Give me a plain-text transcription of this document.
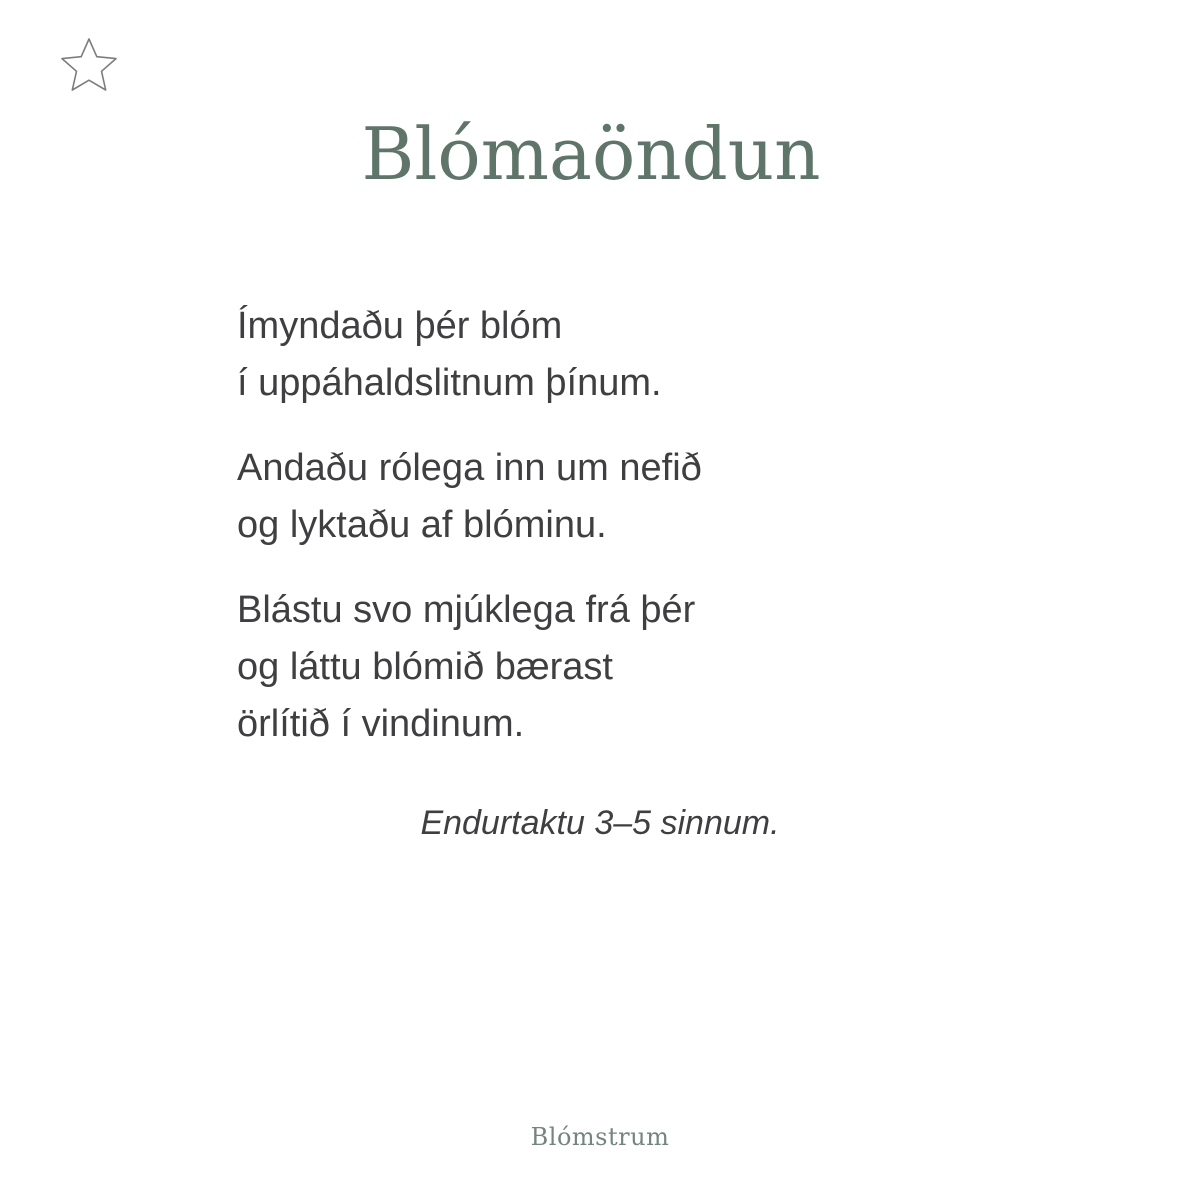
Blómaöndun
Ímyndaðu þér blóm
í uppáhaldslitnum þínum.
Andaðu rólega inn um nefið
og lyktaðu af blóminu.
Blástu svo mjúklega frá þér
og láttu blómið bærast
örlítið í vindinum.
Endurtaktu 3–5 sinnum.
Blómstrum
